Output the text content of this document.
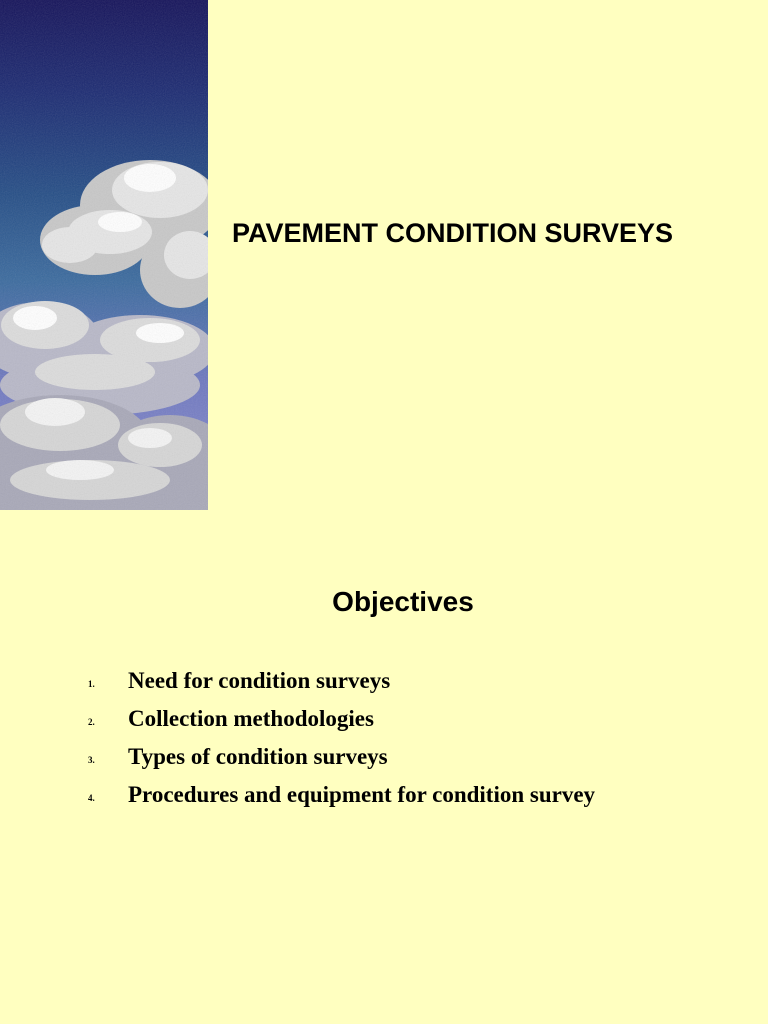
PAVEMENT CONDITION SURVEYS
Objectives
1. Need for condition surveys
2. Collection methodologies
3. Types of condition surveys
4. Procedures and equipment for condition survey
